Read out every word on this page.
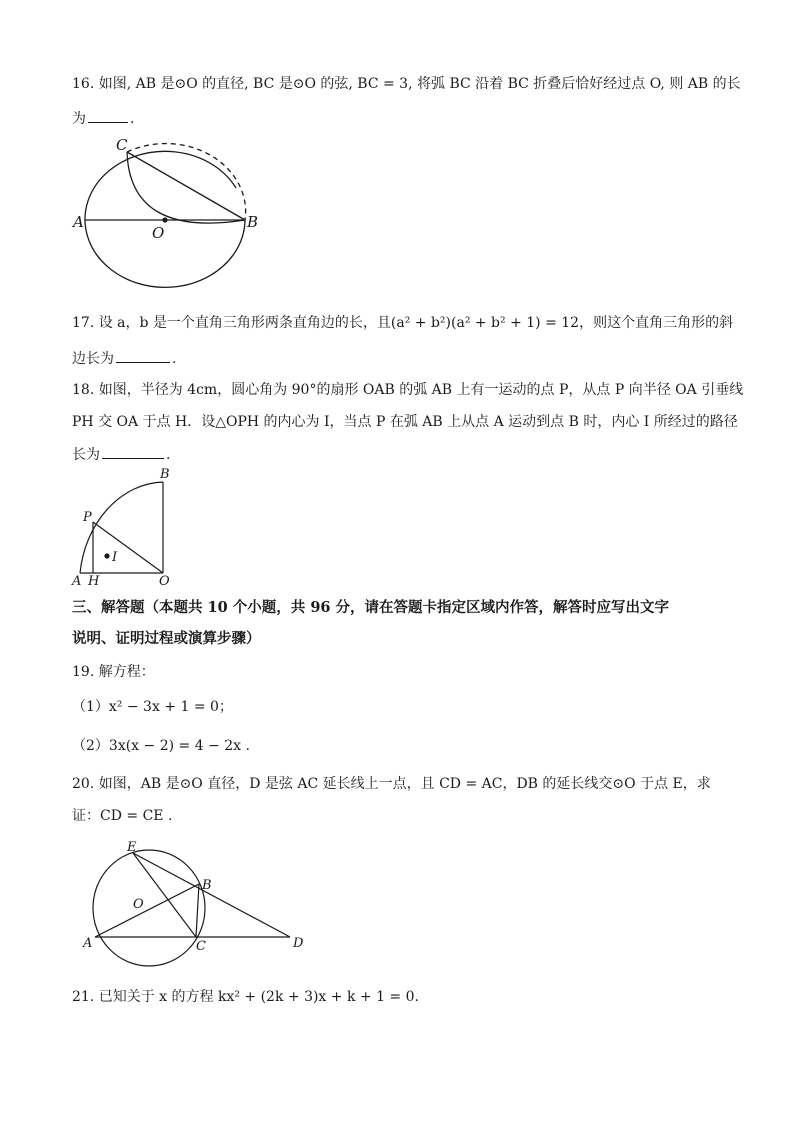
16. 如图, AB 是⊙O 的直径, BC 是⊙O 的弦, BC = 3, 将弧 BC 沿着 BC 折叠后恰好经过点 O, 则 AB 的长
为	.
A	B
C
O
B
P
I
A H	O
E
B
O
A	C	D
17. 设 a，b 是一个直角三角形两条直角边的长，且(a² + b²)(a² + b² + 1) = 12，则这个直角三角形的斜
边长为	.
18. 如图，半径为 4cm，圆心角为 90°的扇形 OAB 的弧 AB 上有一运动的点 P，从点 P 向半径 OA 引垂线
PH 交 OA 于点 H．设△OPH 的内心为 I，当点 P 在弧 AB 上从点 A 运动到点 B 时，内心 I 所经过的路径
长为	.
三、解答题（本题共 10 个小题，共 96 分，请在答题卡指定区域内作答，解答时应写出文字
说明、证明过程或演算步骤）
19. 解方程：
（1）x² − 3x + 1 = 0；
（2）3x(x − 2) = 4 − 2x .
20. 如图，AB 是⊙O 直径，D 是弦 AC 延长线上一点，且 CD = AC，DB 的延长线交⊙O 于点 E，求
证：CD = CE .
21. 已知关于 x 的方程 kx² + (2k + 3)x + k + 1 = 0.
